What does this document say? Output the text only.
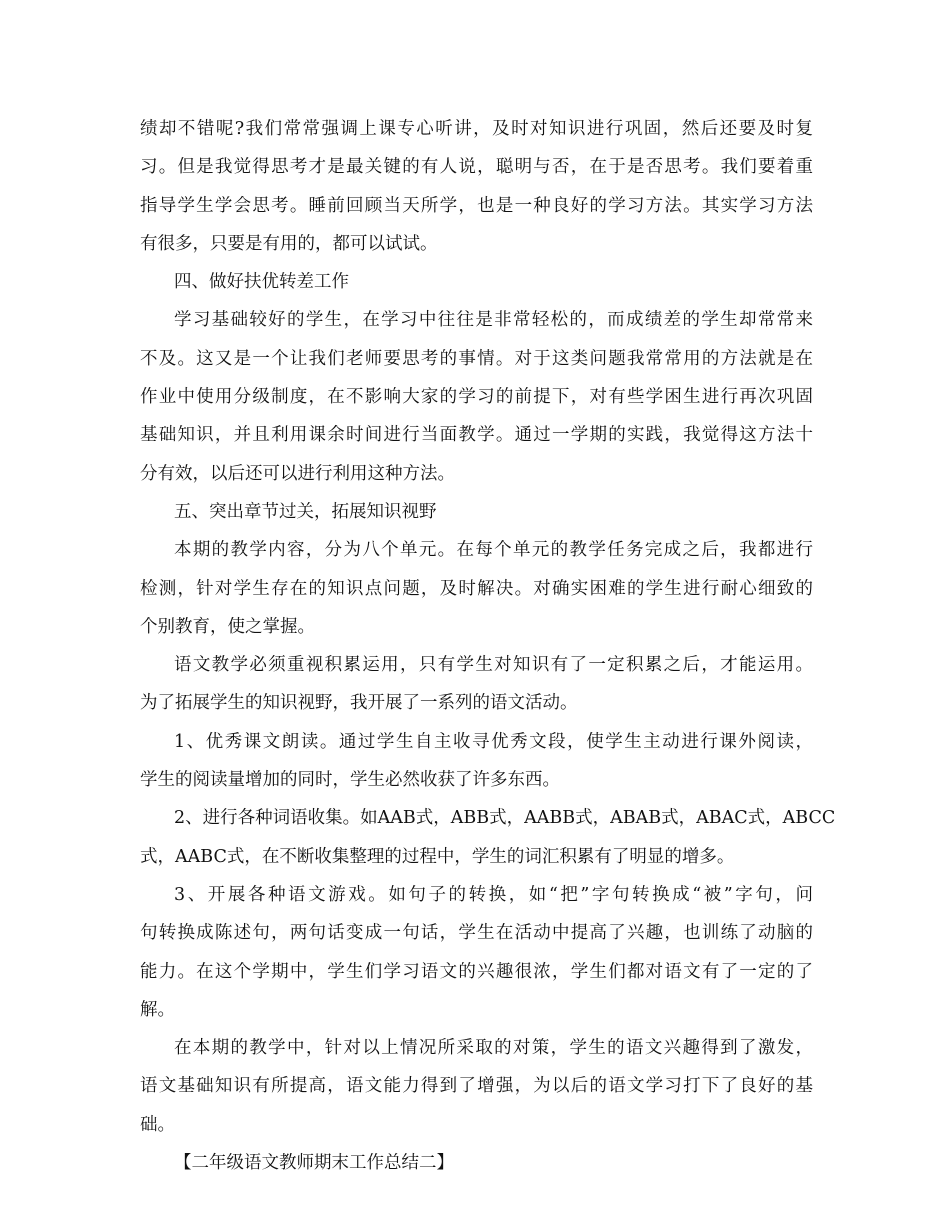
绩却不错呢?我们常常强调上课专心听讲，及时对知识进行巩固，然后还要及时复
习。但是我觉得思考才是最关键的有人说，聪明与否，在于是否思考。我们要着重
指导学生学会思考。睡前回顾当天所学，也是一种良好的学习方法。其实学习方法
有很多，只要是有用的，都可以试试。
四、做好扶优转差工作
学习基础较好的学生，在学习中往往是非常轻松的，而成绩差的学生却常常来
不及。这又是一个让我们老师要思考的事情。对于这类问题我常常用的方法就是在
作业中使用分级制度，在不影响大家的学习的前提下，对有些学困生进行再次巩固
基础知识，并且利用课余时间进行当面教学。通过一学期的实践，我觉得这方法十
分有效，以后还可以进行利用这种方法。
五、突出章节过关，拓展知识视野
本期的教学内容，分为八个单元。在每个单元的教学任务完成之后，我都进行
检测，针对学生存在的知识点问题，及时解决。对确实困难的学生进行耐心细致的
个别教育，使之掌握。
语文教学必须重视积累运用，只有学生对知识有了一定积累之后，才能运用。
为了拓展学生的知识视野，我开展了一系列的语文活动。
1、优秀课文朗读。通过学生自主收寻优秀文段，使学生主动进行课外阅读，
学生的阅读量增加的同时，学生必然收获了许多东西。
2、进行各种词语收集。如AAB式，ABB式，AABB式，ABAB式，ABAC式，ABCC
式，AABC式，在不断收集整理的过程中，学生的词汇积累有了明显的增多。
3、开展各种语文游戏。如句子的转换，如“把”字句转换成“被”字句，问
句转换成陈述句，两句话变成一句话，学生在活动中提高了兴趣，也训练了动脑的
能力。在这个学期中，学生们学习语文的兴趣很浓，学生们都对语文有了一定的了
解。
在本期的教学中，针对以上情况所采取的对策，学生的语文兴趣得到了激发，
语文基础知识有所提高，语文能力得到了增强，为以后的语文学习打下了良好的基
础。
【二年级语文教师期末工作总结二】
